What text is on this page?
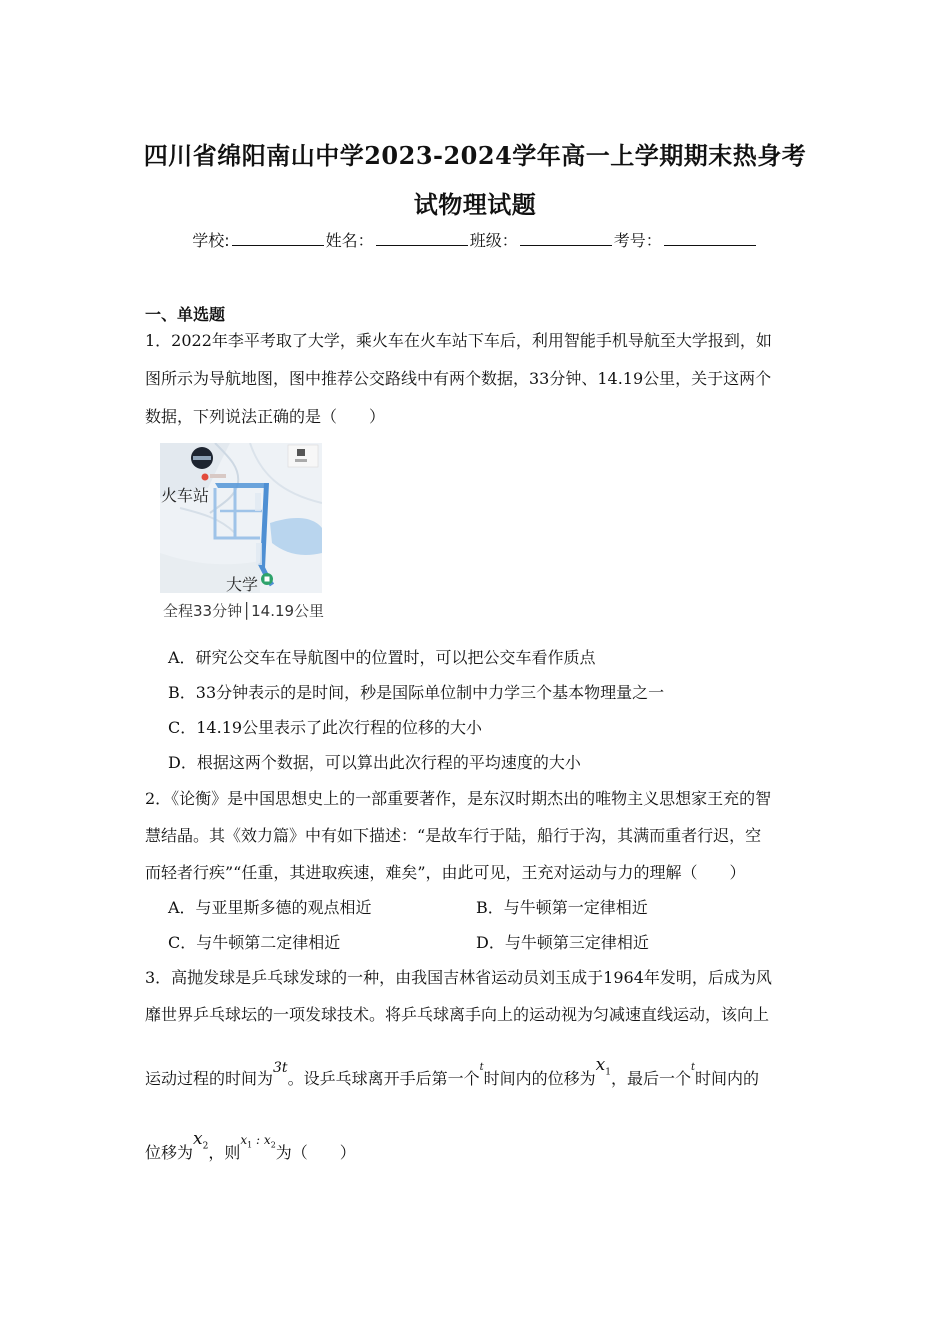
四川省绵阳南山中学2023-2024学年高一上学期期末热身考
试物理试题
学校:	姓名：	班级：	考号：
一、单选题
1．2022年李平考取了大学，乘火车在火车站下车后，利用智能手机导航至大学报到，如
图所示为导航地图，图中推荐公交路线中有两个数据，33分钟、14.19公里，关于这两个
数据，下列说法正确的是（　　）
火车站
大学
全程33分钟│14.19公里
A．研究公交车在导航图中的位置时，可以把公交车看作质点
B．33分钟表示的是时间，秒是国际单位制中力学三个基本物理量之一
C．14.19公里表示了此次行程的位移的大小
D．根据这两个数据，可以算出此次行程的平均速度的大小
2．《论衡》是中国思想史上的一部重要著作，是东汉时期杰出的唯物主义思想家王充的智
慧结晶。其《效力篇》中有如下描述：“是故车行于陆，船行于沟，其满而重者行迟，空
而轻者行疾”“任重，其进取疾速，难矣”，由此可见，王充对运动与力的理解（　　）
A．与亚里斯多德的观点相近	B．与牛顿第一定律相近
C．与牛顿第二定律相近	D．与牛顿第三定律相近
3．高抛发球是乒乓球发球的一种，由我国吉林省运动员刘玉成于1964年发明，后成为风
靡世界乒乓球坛的一项发球技术。将乒乓球离手向上的运动视为匀减速直线运动，该向上
运动过程的时间为3t。设乒乓球离开手后第一个$^t$时间内的位移为$x_1$，最后一个$^t$时间内的
位移为$x_2$，则$^{x_1 : x_2}$为（　　）
